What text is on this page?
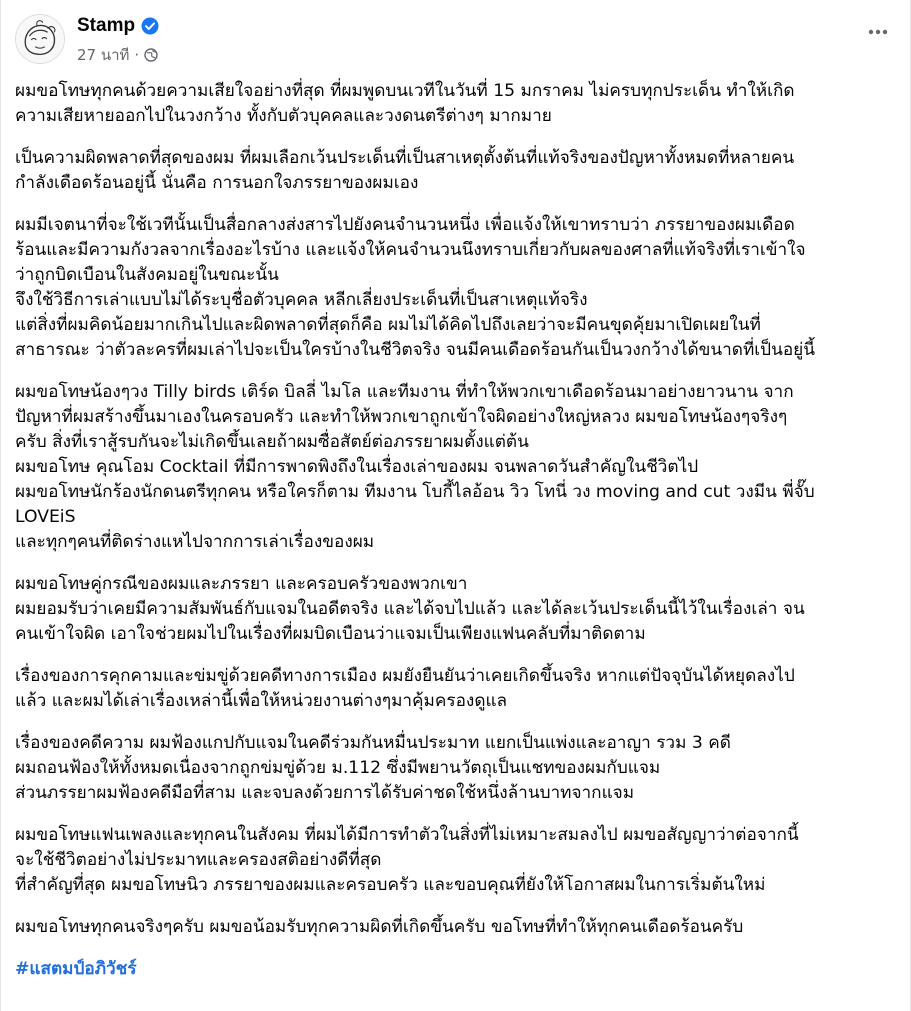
Stamp
27 นาที ·
ผมขอโทษทุกคนด้วยความเสียใจอย่างที่สุด ที่ผมพูดบนเวทีในวันที่ 15 มกราคม ไม่ครบทุกประเด็น ทำให้เกิด
ความเสียหายออกไปในวงกว้าง ทั้งกับตัวบุคคลและวงดนตรีต่างๆ มากมาย
เป็นความผิดพลาดที่สุดของผม ที่ผมเลือกเว้นประเด็นที่เป็นสาเหตุตั้งต้นที่แท้จริงของปัญหาทั้งหมดที่หลายคน
กำลังเดือดร้อนอยู่นี้ นั่นคือ การนอกใจภรรยาของผมเอง
ผมมีเจตนาที่จะใช้เวทีนั้นเป็นสื่อกลางส่งสารไปยังคนจำนวนหนึ่ง เพื่อแจ้งให้เขาทราบว่า ภรรยาของผมเดือด
ร้อนและมีความกังวลจากเรื่องอะไรบ้าง และแจ้งให้คนจำนวนนึงทราบเกี่ยวกับผลของศาลที่แท้จริงที่เราเข้าใจ
ว่าถูกบิดเบือนในสังคมอยู่ในขณะนั้น
จึงใช้วิธีการเล่าแบบไม่ได้ระบุชื่อตัวบุคคล หลีกเลี่ยงประเด็นที่เป็นสาเหตุแท้จริง
แต่สิ่งที่ผมคิดน้อยมากเกินไปและผิดพลาดที่สุดก็คือ ผมไม่ได้คิดไปถึงเลยว่าจะมีคนขุดคุ้ยมาเปิดเผยในที่
สาธารณะ ว่าตัวละครที่ผมเล่าไปจะเป็นใครบ้างในชีวิตจริง จนมีคนเดือดร้อนกันเป็นวงกว้างได้ขนาดที่เป็นอยู่นี้
ผมขอโทษน้องๆวง Tilly birds เติร์ด บิลลี่ ไมโล และทีมงาน ที่ทำให้พวกเขาเดือดร้อนมาอย่างยาวนาน จาก
ปัญหาที่ผมสร้างขึ้นมาเองในครอบครัว และทำให้พวกเขาถูกเข้าใจผิดอย่างใหญ่หลวง ผมขอโทษน้องๆจริงๆ
ครับ สิ่งที่เราสู้รบกันจะไม่เกิดขึ้นเลยถ้าผมซื่อสัตย์ต่อภรรยาผมตั้งแต่ต้น
ผมขอโทษ คุณโอม Cocktail ที่มีการพาดพิงถึงในเรื่องเล่าของผม จนพลาดวันสำคัญในชีวิตไป
ผมขอโทษนักร้องนักดนตรีทุกคน หรือใครก็ตาม ทีมงาน โบกี้ไลอ้อน วิว โทนี่ วง moving and cut วงมีน พี่จั๊บ
LOVEiS
และทุกๆคนที่ติดร่างแหไปจากการเล่าเรื่องของผม
ผมขอโทษคู่กรณีของผมและภรรยา และครอบครัวของพวกเขา
ผมยอมรับว่าเคยมีความสัมพันธ์กับแจมในอดีตจริง และได้จบไปแล้ว และได้ละเว้นประเด็นนี้ไว้ในเรื่องเล่า จน
คนเข้าใจผิด เอาใจช่วยผมไปในเรื่องที่ผมบิดเบือนว่าแจมเป็นเพียงแฟนคลับที่มาติดตาม
เรื่องของการคุกคามและข่มขู่ด้วยคดีทางการเมือง ผมยังยืนยันว่าเคยเกิดขึ้นจริง หากแต่ปัจจุบันได้หยุดลงไป
แล้ว และผมได้เล่าเรื่องเหล่านี้เพื่อให้หน่วยงานต่างๆมาคุ้มครองดูแล
เรื่องของคดีความ ผมฟ้องแกปกับแจมในคดีร่วมกันหมื่นประมาท แยกเป็นแพ่งและอาญา รวม 3 คดี
ผมถอนฟ้องให้ทั้งหมดเนื่องจากถูกข่มขู่ด้วย ม.112 ซึ่งมีพยานวัตถุเป็นแชทของผมกับแจม
ส่วนภรรยาผมฟ้องคดีมือที่สาม และจบลงด้วยการได้รับค่าชดใช้หนึ่งล้านบาทจากแจม
ผมขอโทษแฟนเพลงและทุกคนในสังคม ที่ผมได้มีการทำตัวในสิ่งที่ไม่เหมาะสมลงไป ผมขอสัญญาว่าต่อจากนี้
จะใช้ชีวิตอย่างไม่ประมาทและครองสติอย่างดีที่สุด
ที่สำคัญที่สุด ผมขอโทษนิว ภรรยาของผมและครอบครัว และขอบคุณที่ยังให้โอกาสผมในการเริ่มต้นใหม่
ผมขอโทษทุกคนจริงๆครับ ผมขอน้อมรับทุกความผิดที่เกิดขึ้นครับ ขอโทษที่ทำให้ทุกคนเดือดร้อนครับ
#แสตมป์อภิวัชร์
